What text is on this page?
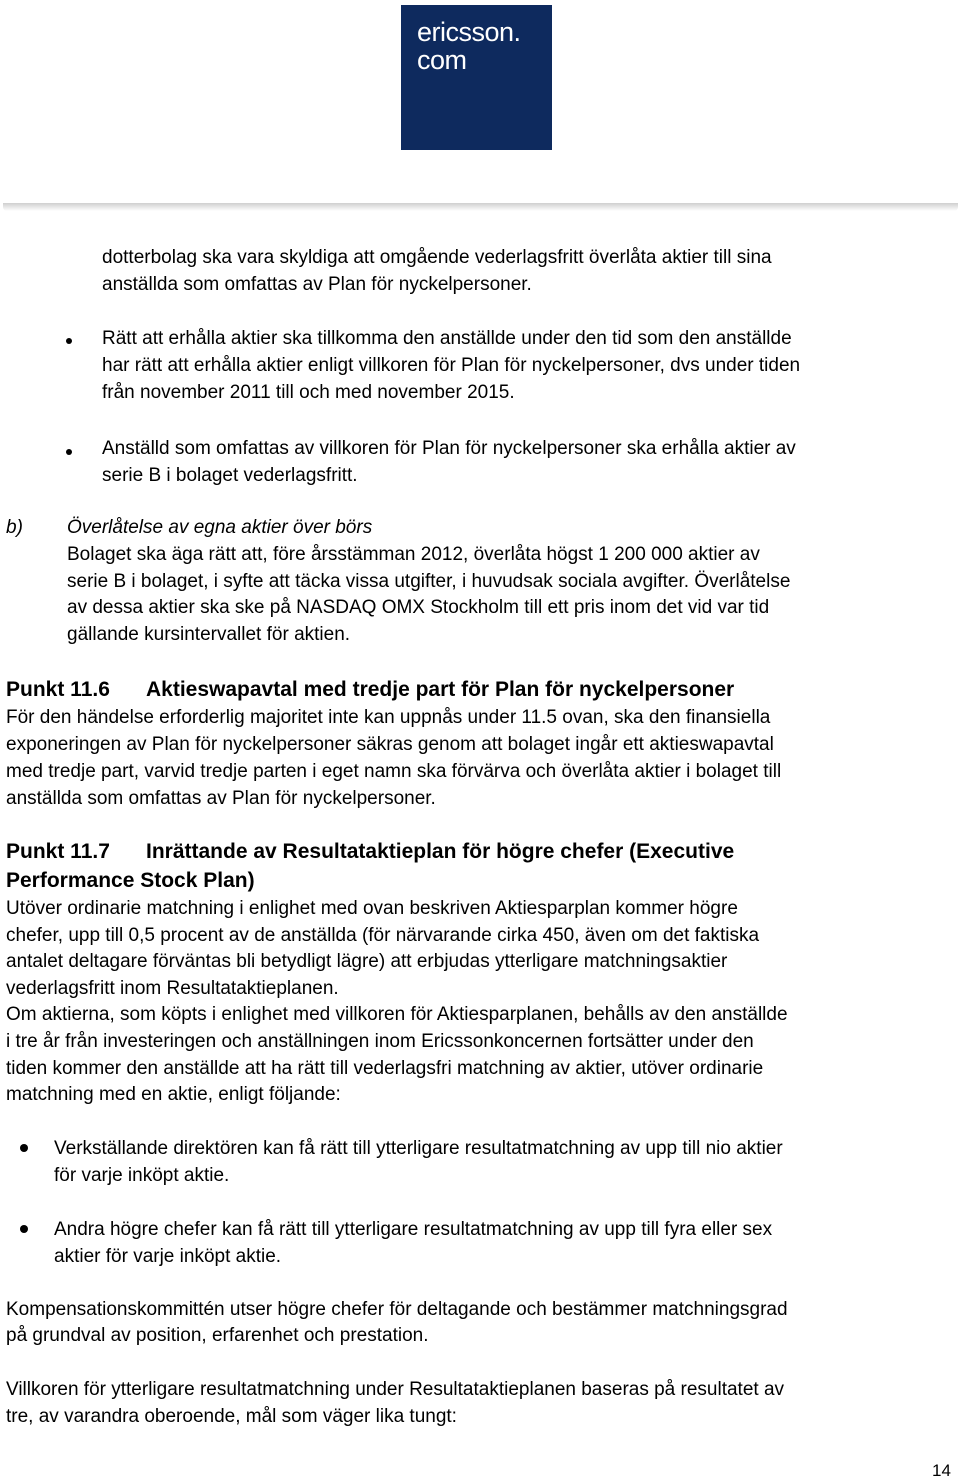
ericsson.
com
dotterbolag ska vara skyldiga att omgående vederlagsfritt överlåta aktier till sina
anställda som omfattas av Plan för nyckelpersoner.
Rätt att erhålla aktier ska tillkomma den anställde under den tid som den anställde
har rätt att erhålla aktier enligt villkoren för Plan för nyckelpersoner, dvs under tiden
från november 2011 till och med november 2015.
Anställd som omfattas av villkoren för Plan för nyckelpersoner ska erhålla aktier av
serie B i bolaget vederlagsfritt.
b) Överlåtelse av egna aktier över börs
Bolaget ska äga rätt att, före årsstämman 2012, överlåta högst 1 200 000 aktier av
serie B i bolaget, i syfte att täcka vissa utgifter, i huvudsak sociala avgifter. Överlåtelse
av dessa aktier ska ske på NASDAQ OMX Stockholm till ett pris inom det vid var tid
gällande kursintervallet för aktien.
Punkt 11.6 Aktieswapavtal med tredje part för Plan för nyckelpersoner
För den händelse erforderlig majoritet inte kan uppnås under 11.5 ovan, ska den finansiella
exponeringen av Plan för nyckelpersoner säkras genom att bolaget ingår ett aktieswapavtal
med tredje part, varvid tredje parten i eget namn ska förvärva och överlåta aktier i bolaget till
anställda som omfattas av Plan för nyckelpersoner.
Punkt 11.7 Inrättande av Resultataktieplan för högre chefer (Executive
Performance Stock Plan)
Utöver ordinarie matchning i enlighet med ovan beskriven Aktiesparplan kommer högre
chefer, upp till 0,5 procent av de anställda (för närvarande cirka 450, även om det faktiska
antalet deltagare förväntas bli betydligt lägre) att erbjudas ytterligare matchningsaktier
vederlagsfritt inom Resultataktieplanen.
Om aktierna, som köpts i enlighet med villkoren för Aktiesparplanen, behålls av den anställde
i tre år från investeringen och anställningen inom Ericssonkoncernen fortsätter under den
tiden kommer den anställde att ha rätt till vederlagsfri matchning av aktier, utöver ordinarie
matchning med en aktie, enligt följande:
Verkställande direktören kan få rätt till ytterligare resultatmatchning av upp till nio aktier
för varje inköpt aktie.
Andra högre chefer kan få rätt till ytterligare resultatmatchning av upp till fyra eller sex
aktier för varje inköpt aktie.
Kompensationskommittén utser högre chefer för deltagande och bestämmer matchningsgrad
på grundval av position, erfarenhet och prestation.
Villkoren för ytterligare resultatmatchning under Resultataktieplanen baseras på resultatet av
tre, av varandra oberoende, mål som väger lika tungt:
14
